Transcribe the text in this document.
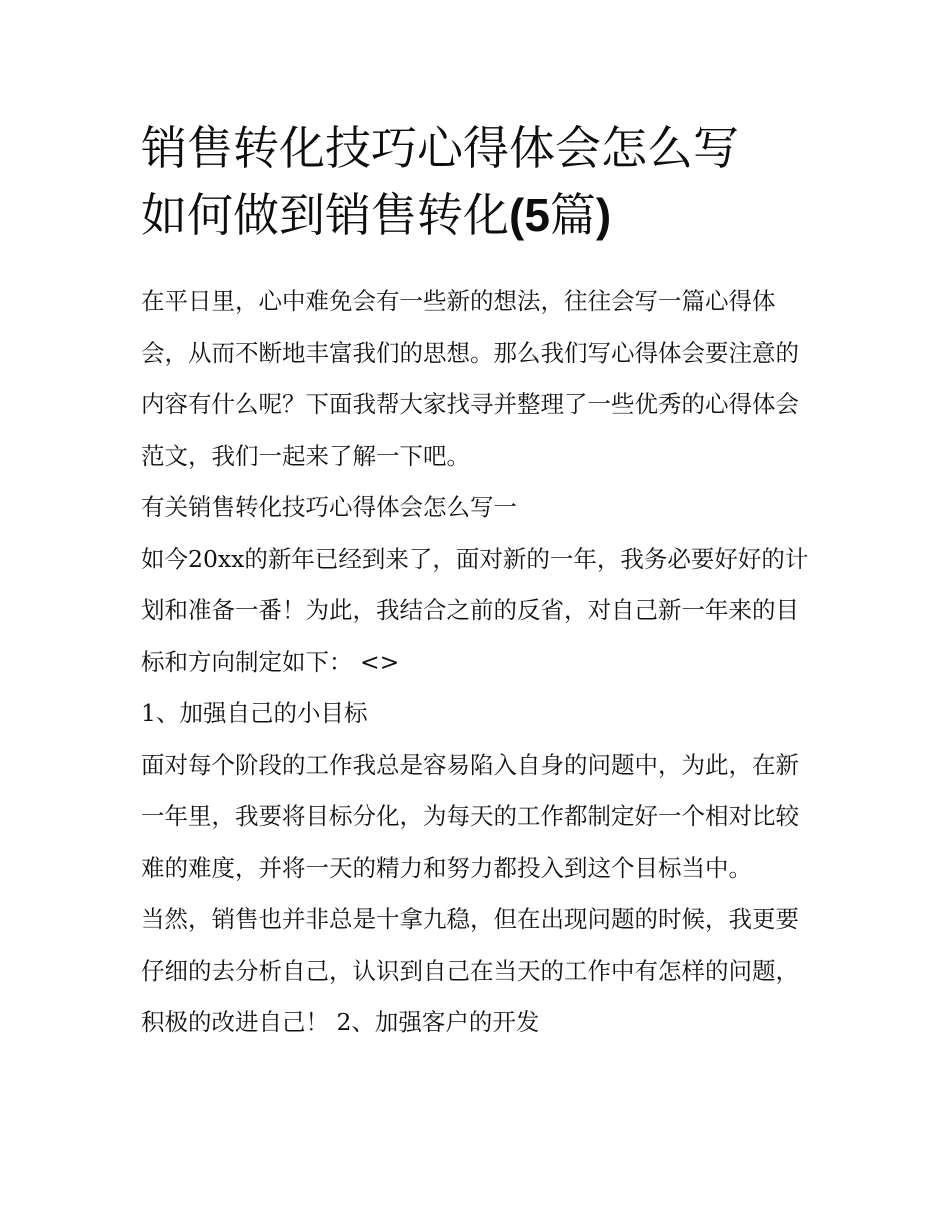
销售转化技巧心得体会怎么写
如何做到销售转化(5篇)

在平日里，心中难免会有一些新的想法，往往会写一篇心得体会，从而不断地丰富我们的思想。那么我们写心得体会要注意的内容有什么呢？下面我帮大家找寻并整理了一些优秀的心得体会范文，我们一起来了解一下吧。

有关销售转化技巧心得体会怎么写一

如今20xx的新年已经到来了，面对新的一年，我务必要好好的计划和准备一番！为此，我结合之前的反省，对自己新一年来的目标和方向制定如下： <>

1、加强自己的小目标

面对每个阶段的工作我总是容易陷入自身的问题中，为此，在新一年里，我要将目标分化，为每天的工作都制定好一个相对比较难的难度，并将一天的精力和努力都投入到这个目标当中。

当然，销售也并非总是十拿九稳，但在出现问题的时候，我更要仔细的去分析自己，认识到自己在当天的工作中有怎样的问题，积极的改进自己！ 2、加强客户的开发
